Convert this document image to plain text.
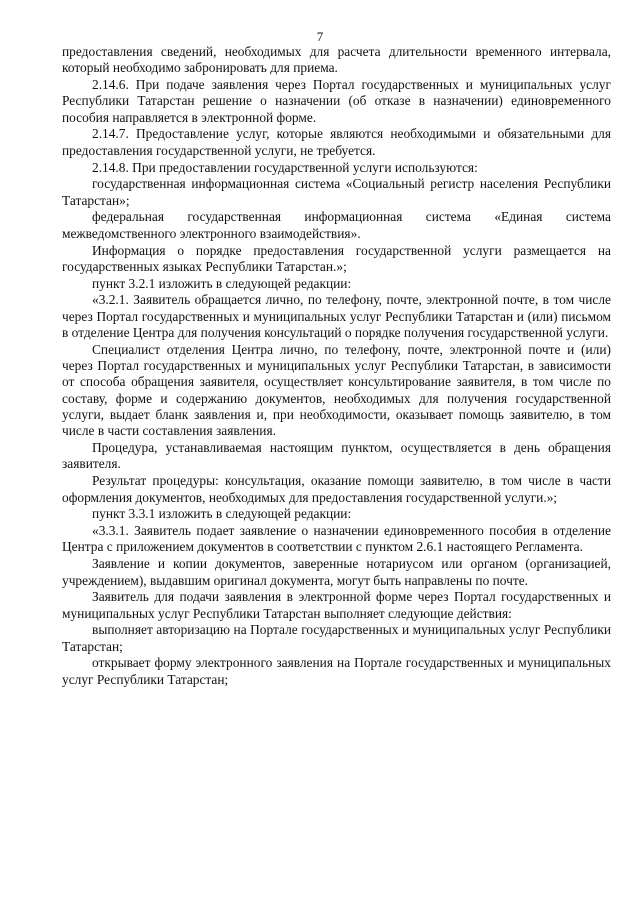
7

предоставления сведений, необходимых для расчета длительности временного интервала, который необходимо забронировать для приема.

2.14.6. При подаче заявления через Портал государственных и муниципальных услуг Республики Татарстан решение о назначении (об отказе в назначении) единовременного пособия направляется в электронной форме.

2.14.7. Предоставление услуг, которые являются необходимыми и обязательными для предоставления государственной услуги, не требуется.

2.14.8. При предоставлении государственной услуги используются:

государственная информационная система «Социальный регистр населения Республики Татарстан»;

федеральная государственная информационная система «Единая система межведомственного электронного взаимодействия».

Информация о порядке предоставления государственной услуги размещается на государственных языках Республики Татарстан.»;

пункт 3.2.1 изложить в следующей редакции:

«3.2.1. Заявитель обращается лично, по телефону, почте, электронной почте, в том числе через Портал государственных и муниципальных услуг Республики Татарстан и (или) письмом в отделение Центра для получения консультаций о порядке получения государственной услуги.

Специалист отделения Центра лично, по телефону, почте, электронной почте и (или) через Портал государственных и муниципальных услуг Республики Татарстан, в зависимости от способа обращения заявителя, осуществляет консультирование заявителя, в том числе по составу, форме и содержанию документов, необходимых для получения государственной услуги, выдает бланк заявления и, при необходимости, оказывает помощь заявителю, в том числе в части составления заявления.

Процедура, устанавливаемая настоящим пунктом, осуществляется в день обращения заявителя.

Результат процедуры: консультация, оказание помощи заявителю, в том числе в части оформления документов, необходимых для предоставления государственной услуги.»;

пункт 3.3.1 изложить в следующей редакции:

«3.3.1. Заявитель подает заявление о назначении единовременного пособия в отделение Центра с приложением документов в соответствии с пунктом 2.6.1 настоящего Регламента.

Заявление и копии документов, заверенные нотариусом или органом (организацией, учреждением), выдавшим оригинал документа, могут быть направлены по почте.

Заявитель для подачи заявления в электронной форме через Портал государственных и муниципальных услуг Республики Татарстан выполняет следующие действия:

выполняет авторизацию на Портале государственных и муниципальных услуг Республики Татарстан;

открывает форму электронного заявления на Портале государственных и муниципальных услуг Республики Татарстан;
